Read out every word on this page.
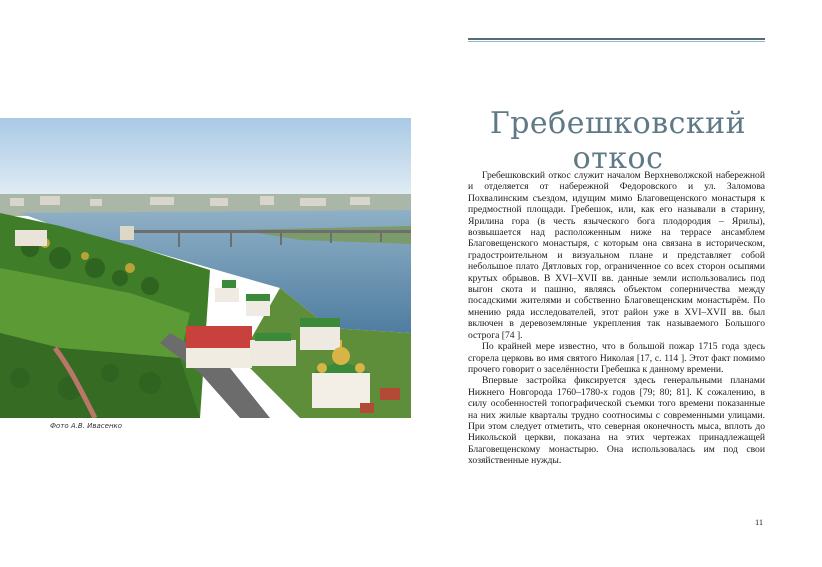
Фото А.В. Ивасенко
Гребешковский откос

Гребешковский откос служит началом Верхневолжской набережной и отделяется от набережной Федоровского и ул. Заломова Похвалинским съездом, идущим мимо Благовещенского монастыря к предмостной площади. Гребешок, или, как его называли в старину, Ярилина гора (в честь языческого бога плодородия – Ярилы), возвышается над расположенным ниже на террасе ансамблем Благовещенского монастыря, с которым она связана в историческом, градостроительном и визуальном плане и представляет собой небольшое плато Дятловых гор, ограниченное со всех сторон осыпями крутых обрывов. В XVI–XVII вв. данные земли использовались под выгон скота и пашню, являясь объектом соперничества между посадскими жителями и собственно Благовещенским монастырём. По мнению ряда исследователей, этот район уже в XVI–XVII вв. был включен в деревоземляные укрепления так называемого Большого острога [74 ].

По крайней мере известно, что в большой пожар 1715 года здесь сгорела церковь во имя святого Николая [17, с. 114 ]. Этот факт помимо прочего говорит о заселённости Гребешка к данному времени.

Впервые застройка фиксируется здесь генеральными планами Нижнего Новгорода 1760–1780-х годов [79; 80; 81]. К сожалению, в силу особенностей топографической съемки того времени показанные на них жилые кварталы трудно соотносимы с современными улицами. При этом следует отметить, что северная оконечность мыса, вплоть до Никольской церкви, показана на этих чертежах принадлежащей Благовещенскому монастырю. Она использовалась им под свои хозяйственные нужды.

11
